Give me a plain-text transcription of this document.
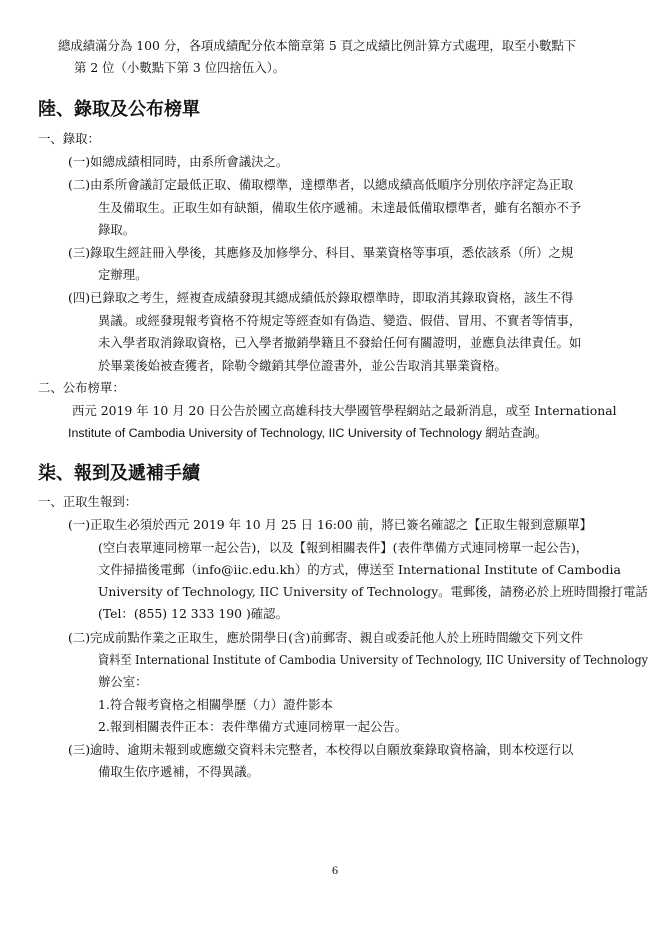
總成績滿分為 100 分，各項成績配分依本簡章第 5 頁之成績比例計算方式處理，取至小數點下
第 2 位（小數點下第 3 位四捨伍入）。
陸、錄取及公布榜單
一、錄取：
(一)如總成績相同時，由系所會議決之。
(二)由系所會議訂定最低正取、備取標準，達標準者，以總成績高低順序分別依序評定為正取
生及備取生。正取生如有缺額，備取生依序遞補。未達最低備取標準者，雖有名額亦不予
錄取。
(三)錄取生經註冊入學後，其應修及加修學分、科目、畢業資格等事項，悉依該系（所）之規
定辦理。
(四)已錄取之考生，經複查成績發現其總成績低於錄取標準時，即取消其錄取資格，該生不得
異議。或經發現報考資格不符規定等經查如有偽造、變造、假借、冒用、不實者等情事，
未入學者取消錄取資格，已入學者撤銷學籍且不發給任何有關證明，並應負法律責任。如
於畢業後始被查獲者，除勒令繳銷其學位證書外，並公告取消其畢業資格。
二、公布榜單：
西元 2019 年 10 月 20 日公告於國立高雄科技大學國管學程網站之最新消息，或至 International
Institute of Cambodia University of Technology, IIC University of Technology 網站查詢。
柒、報到及遞補手續
一、正取生報到：
(一)正取生必須於西元 2019 年 10 月 25 日 16:00 前，將已簽名確認之【正取生報到意願單】
(空白表單連同榜單一起公告)，以及【報到相關表件】(表件準備方式連同榜單一起公告)，
文件掃描後電郵（info@iic.edu.kh）的方式，傳送至 International Institute of Cambodia
University of Technology, IIC University of Technology。電郵後，請務必於上班時間撥打電話
(Tel：(855) 12 333 190 )確認。
(二)完成前點作業之正取生，應於開學日(含)前郵寄、親自或委託他人於上班時間繳交下列文件
資料至 International Institute of Cambodia University of Technology, IIC University of Technology
辦公室：
1.符合報考資格之相關學歷（力）證件影本
2.報到相關表件正本：表件準備方式連同榜單一起公告。
(三)逾時、逾期未報到或應繳交資料未完整者，本校得以自願放棄錄取資格論，則本校逕行以
備取生依序遞補，不得異議。
6
